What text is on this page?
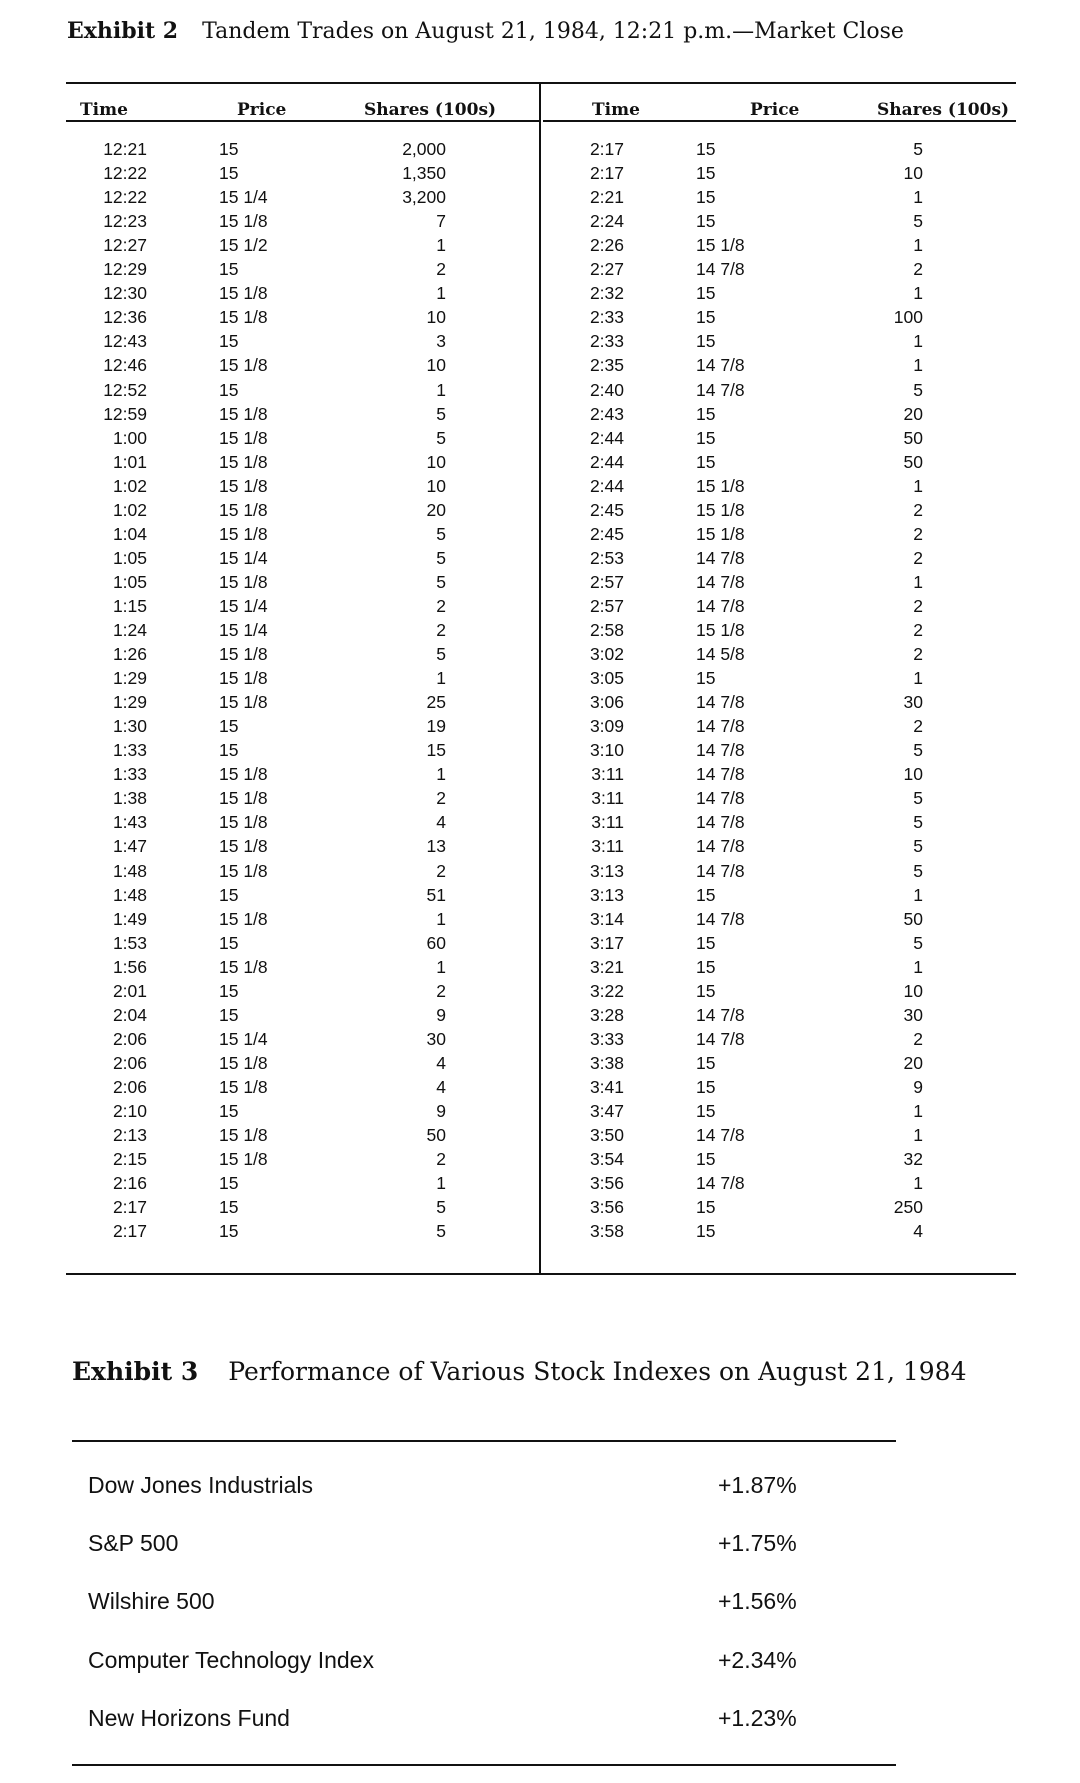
Exhibit 2 Tandem Trades on August 21, 1984, 12:21 p.m.—Market Close
Time	Price	Shares (100s)	Time	Price	Shares (100s)
12:21	15	2,000
12:22	15	1,350
12:22	15 1/4	3,200
12:23	15 1/8	7
12:27	15 1/2	1
12:29	15	2
12:30	15 1/8	1
12:36	15 1/8	10
12:43	15	3
12:46	15 1/8	10
12:52	15	1
12:59	15 1/8	5
1:00	15 1/8	5
1:01	15 1/8	10
1:02	15 1/8	10
1:02	15 1/8	20
1:04	15 1/8	5
1:05	15 1/4	5
1:05	15 1/8	5
1:15	15 1/4	2
1:24	15 1/4	2
1:26	15 1/8	5
1:29	15 1/8	1
1:29	15 1/8	25
1:30	15	19
1:33	15	15
1:33	15 1/8	1
1:38	15 1/8	2
1:43	15 1/8	4
1:47	15 1/8	13
1:48	15 1/8	2
1:48	15	51
1:49	15 1/8	1
1:53	15	60
1:56	15 1/8	1
2:01	15	2
2:04	15	9
2:06	15 1/4	30
2:06	15 1/8	4
2:06	15 1/8	4
2:10	15	9
2:13	15 1/8	50
2:15	15 1/8	2
2:16	15	1
2:17	15	5
2:17	15	5
2:17	15	5
2:17	15	10
2:21	15	1
2:24	15	5
2:26	15 1/8	1
2:27	14 7/8	2
2:32	15	1
2:33	15	100
2:33	15	1
2:35	14 7/8	1
2:40	14 7/8	5
2:43	15	20
2:44	15	50
2:44	15	50
2:44	15 1/8	1
2:45	15 1/8	2
2:45	15 1/8	2
2:53	14 7/8	2
2:57	14 7/8	1
2:57	14 7/8	2
2:58	15 1/8	2
3:02	14 5/8	2
3:05	15	1
3:06	14 7/8	30
3:09	14 7/8	2
3:10	14 7/8	5
3:11	14 7/8	10
3:11	14 7/8	5
3:11	14 7/8	5
3:11	14 7/8	5
3:13	14 7/8	5
3:13	15	1
3:14	14 7/8	50
3:17	15	5
3:21	15	1
3:22	15	10
3:28	14 7/8	30
3:33	14 7/8	2
3:38	15	20
3:41	15	9
3:47	15	1
3:50	14 7/8	1
3:54	15	32
3:56	14 7/8	1
3:56	15	250
3:58	15	4
Exhibit 3 Performance of Various Stock Indexes on August 21, 1984
Dow Jones Industrials	+1.87%
S&P 500	+1.75%
Wilshire 500	+1.56%
Computer Technology Index	+2.34%
New Horizons Fund	+1.23%
